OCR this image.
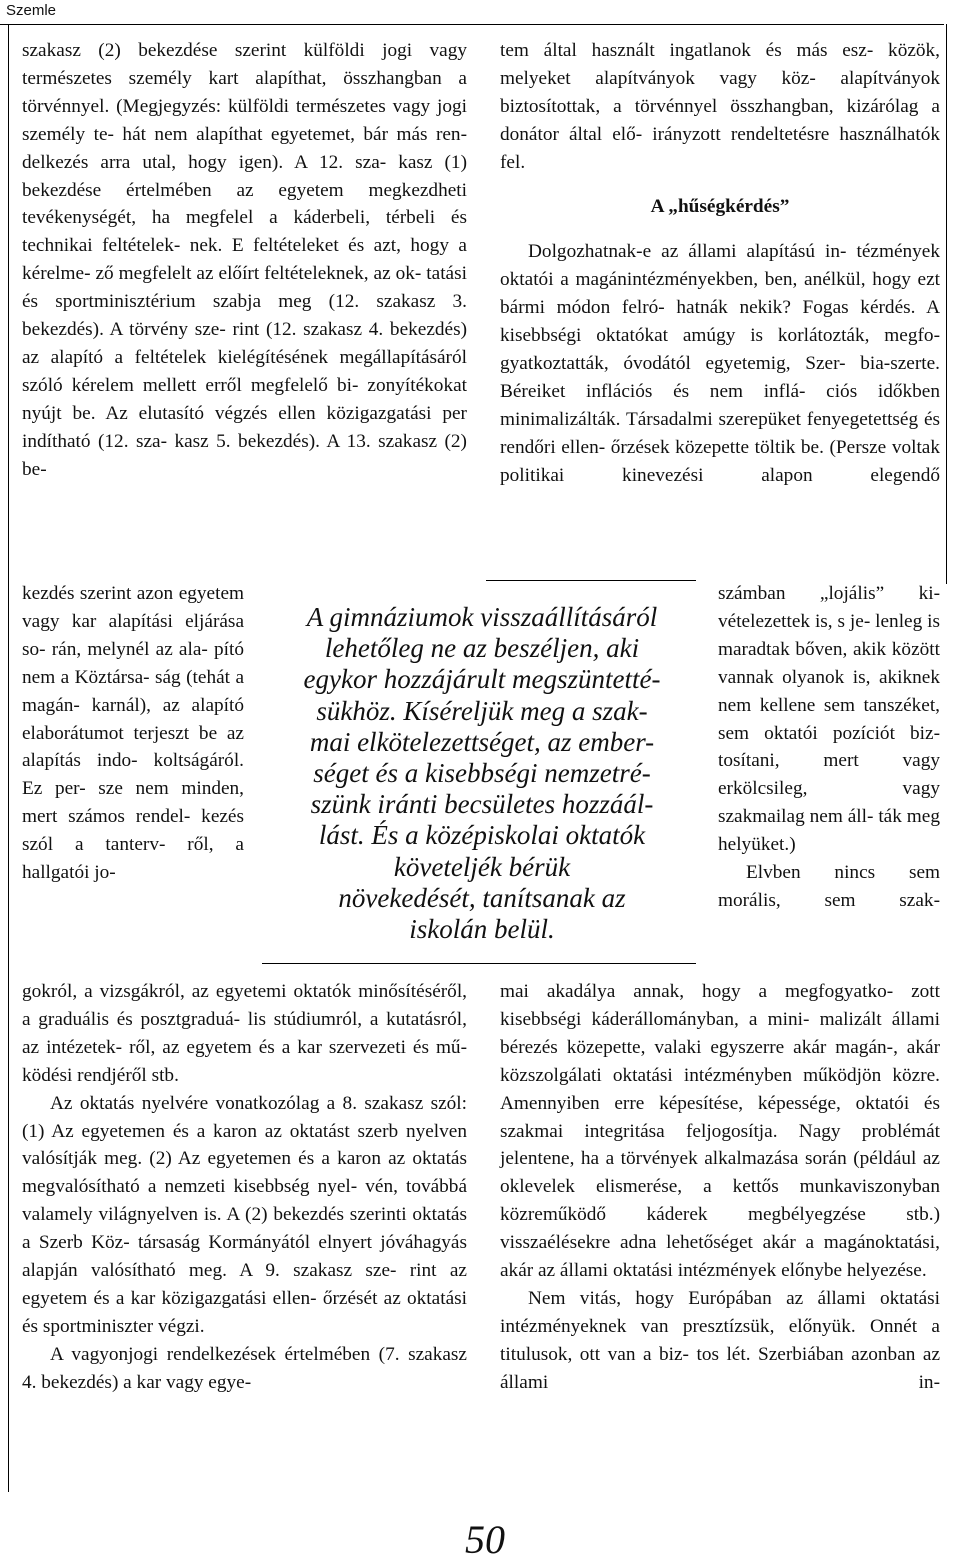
Szemle

szakasz (2) bekezdése szerint külföldi jogi vagy természetes személy kart alapíthat, összhangban a törvénnyel. (Megjegyzés: külföldi természetes vagy jogi személy te- hát nem alapíthat egyetemet, bár más ren- delkezés arra utal, hogy igen). A 12. sza- kasz (1) bekezdése értelmében az egyetem megkezdheti tevékenységét, ha megfelel a káderbeli, térbeli és technikai feltételek- nek. E feltételeket és azt, hogy a kérelme- ző megfelelt az előírt feltételeknek, az ok- tatási és sportminisztérium szabja meg (12. szakasz 3. bekezdés). A törvény sze- rint (12. szakasz 4. bekezdés) az alapító a feltételek kielégítésének megállapításáról szóló kérelem mellett erről megfelelő bi- zonyítékokat nyújt be. Az elutasító végzés ellen közigazgatási per indítható (12. sza- kasz 5. bekezdés). A 13. szakasz (2) be-

kezdés szerint azon egyetem vagy kar alapítási eljárása so- rán, melynél az ala- pító nem a Köztársa- ság (tehát a magán- karnál), az alapító elaborátumot terjeszt be az alapítás indo- koltságáról. Ez per- sze nem minden, mert számos rendel- kezés szól a tanterv- ről, a hallgatói jo-

gokról, a vizsgákról, az egyetemi oktatók minősítéséről, a graduális és posztgraduá- lis stúdiumról, a kutatásról, az intézetek- ről, az egyetem és a kar szervezeti és mű- ködési rendjéről stb.

Az oktatás nyelvére vonatkozólag a 8. szakasz szól: (1) Az egyetemen és a karon az oktatást szerb nyelven valósítják meg. (2) Az egyetemen és a karon az oktatás megvalósítható a nemzeti kisebbség nyel- vén, továbbá valamely világnyelven is. A (2) bekezdés szerinti oktatás a Szerb Köz- társaság Kormányától elnyert jóváhagyás alapján valósítható meg. A 9. szakasz sze- rint az egyetem és a kar közigazgatási ellen- őrzését az oktatási és sportminiszter végzi.

A vagyonjogi rendelkezések értelmében (7. szakasz 4. bekezdés) a kar vagy egye-

tem által használt ingatlanok és más esz- közök, melyeket alapítványok vagy köz- alapítványok biztosítottak, a törvénnyel összhangban, kizárólag a donátor által elő- irányzott rendeltetésre használhatók fel.

A „hűségkérdés”

Dolgozhatnak-e az állami alapítású in- tézmények oktatói a magánintézményekben, ben, anélkül, hogy ezt bármi módon felró- hatnák nekik? Fogas kérdés. A kisebbségi oktatókat amúgy is korlátozták, megfo- gyatkoztatták, óvodától egyetemig, Szer- bia-szerte. Béreiket inflációs és nem inflá- ciós időkben minimalizálták. Társadalmi szerepüket fenyegetettség és rendőri ellen- őrzések közepette töltik be. (Persze voltak politikai kinevezési alapon elegendő

számban „lojális” ki- vételezettek is, s je- lenleg is maradtak bőven, akik között vannak olyanok is, akiknek nem kellene sem tanszéket, sem oktatói pozíciót biz- tosítani, mert vagy erkölcsileg, vagy szakmailag nem áll- ták meg helyüket.)

Elvben nincs sem morális, sem szak-

mai akadálya annak, hogy a megfogyatko- zott kisebbségi káderállományban, a mini- malizált állami bérezés közepette, valaki egyszerre akár magán-, akár közszolgálati oktatási intézményben működjön közre. Amennyiben erre képesítése, képessége, oktatói és szakmai integritása feljogosítja. Nagy problémát jelentene, ha a törvények alkalmazása során (például az oklevelek elismerése, a kettős munkaviszonyban közreműködő káderek megbélyegzése stb.) visszaélésekre adna lehetőséget akár a magánoktatási, akár az állami oktatási intézmények előnybe helyezése.

Nem vitás, hogy Európában az állami oktatási intézményeknek van presztízsük, előnyük. Onnét a titulusok, ott van a biz- tos lét. Szerbiában azonban az állami in-

A gimnáziumok visszaállításáról
lehetőleg ne az beszéljen, aki
egykor hozzájárult megszüntetté-
sükhöz. Kíséreljük meg a szak-
mai elkötelezettséget, az ember-
séget és a kisebbségi nemzetré-
szünk iránti becsületes hozzáál-
lást. És a középiskolai oktatók
követeljék bérük
növekedését, tanítsanak az
iskolán belül.
50
